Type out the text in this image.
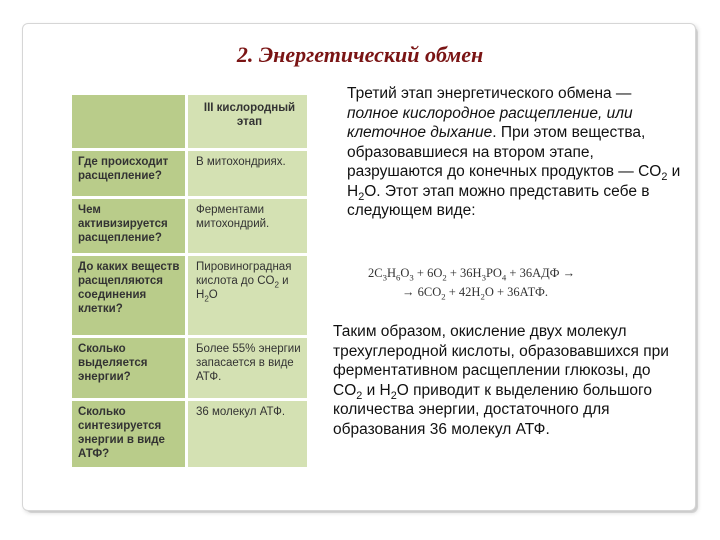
2. Энергетический обмен
III кислородный этап
Где происходит расщепление?
В митохондриях.
Чем активизируется расщепление?
Ферментами митохондрий.
До каких веществ расщепляются соединения клетки?
Пировиноградная кислота до $CO_2$ и $H_2O$
Сколько выделяется энергии?
Более 55% энергии запасается в виде АТФ.
Сколько синтезируется энергии в виде АТФ?
36 молекул АТФ.
Третий этап энергетического обмена — полное кислородное расщепление, или клеточное дыхание. При этом вещества, образовавшиеся на втором этапе, разрушаются до конечных продуктов — $CO_2$ и $H_2O$. Этот этап можно представить себе в следующем виде:
$2C_3H_6O_3 + 6O_2 + 36H_3PO_4 + 36АДФ$ →
→ $6CO_2 + 42H_2O + 36АТФ$.
Таким образом, окисление двух молекул трехуглеродной кислоты, образовавшихся при ферментативном расщеплении глюкозы, до $CO_2$ и $H_2O$ приводит к выделению большого количества энергии, достаточного для образования 36 молекул АТФ.
